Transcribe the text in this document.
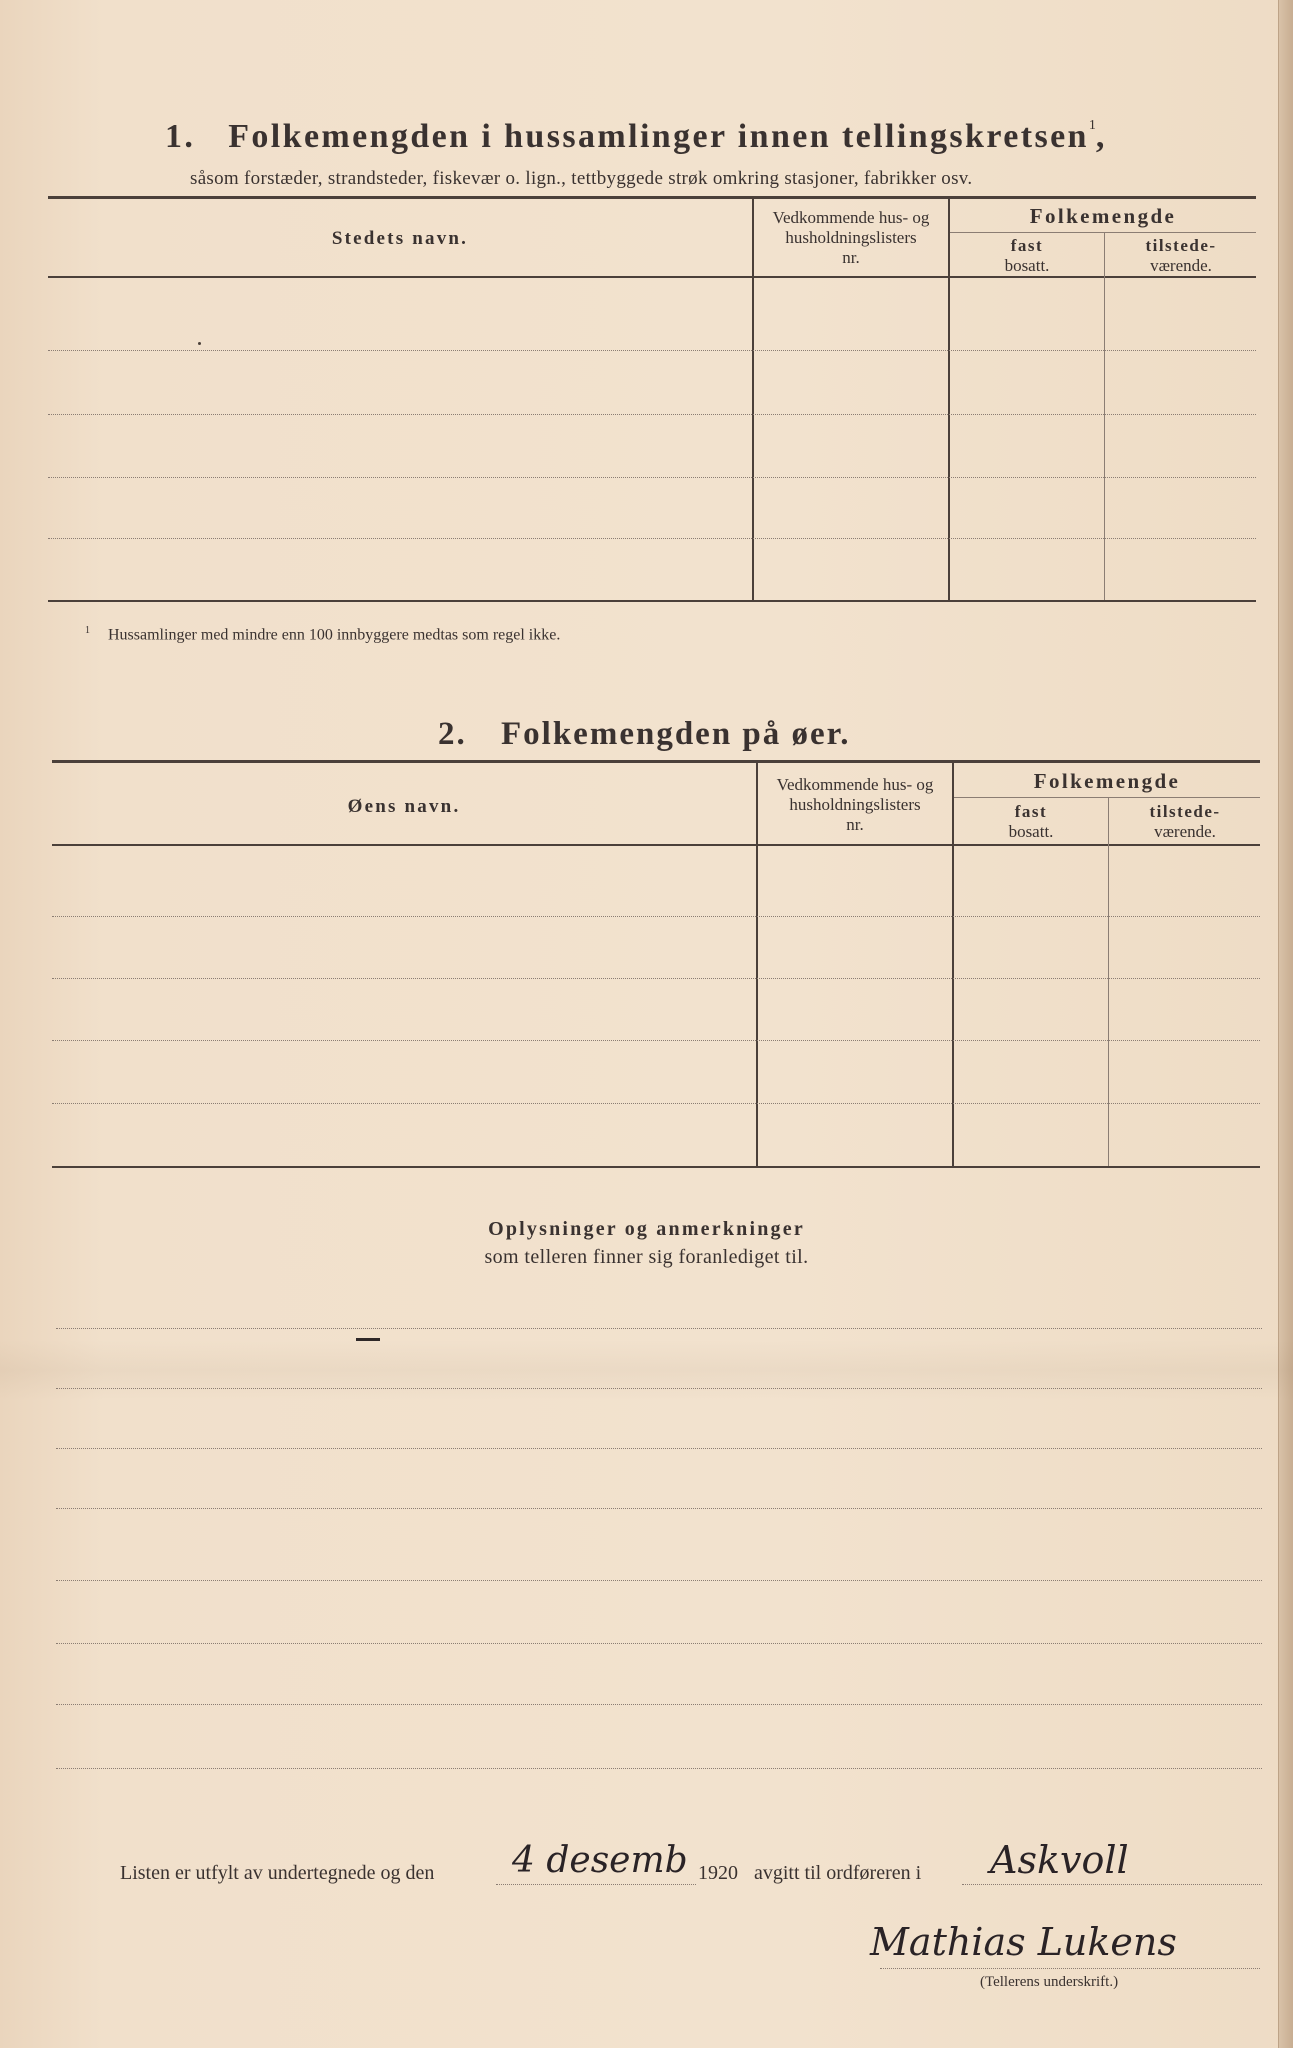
1. Folkemengden i hussamlinger innen tellingskretsen$^1$,
såsom forstæder, strandsteder, fiskevær o. lign., tettbyggede strøk omkring stasjoner, fabrikker osv.
Stedets navn.
Vedkommende hus- og
husholdningslisters
nr.
Folkemengde
fast
bosatt.
tilstede-
værende.
$^1$ Hussamlinger med mindre enn 100 innbyggere medtas som regel ikke.
2. Folkemengden på øer.
Øens navn.
Vedkommende hus- og
husholdningslisters
nr.
Folkemengde
fast
bosatt.
tilstede-
værende.
Oplysninger og anmerkninger
som telleren finner sig foranlediget til.
Listen er utfylt av undertegnede og den 4 desemb 1920 avgitt til ordføreren i Askvoll
Mathias Lukens
(Tellerens underskrift.)
